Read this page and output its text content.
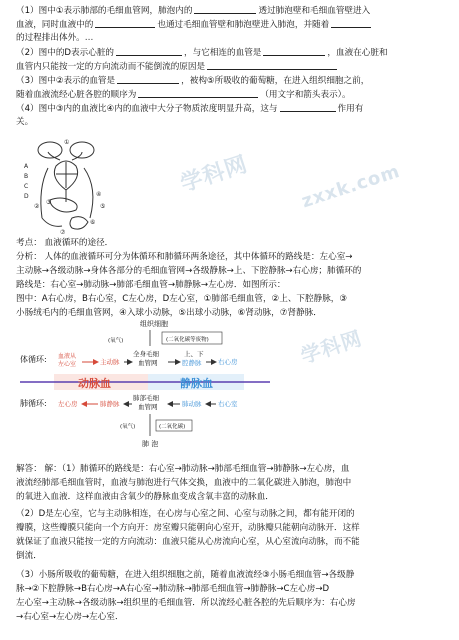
（1）图中①表示肺部的毛细血管网，肺泡内的	透过肺泡壁和毛细血管壁进入
血液，同时血液中的	也通过毛细血管壁和肺泡壁进入肺泡，并随着
的过程排出体外。…
（2）图中的D表示心脏的	，与它相连的血管是	，血液在心脏和
血管内只能按一定的方向流动而不能倒流的原因是
（3）图中②表示的血管是	，被构⑤所吸收的葡萄糖，在进入组织细胞之前，
随着血液流经心脏各腔的顺序为	（用文字和箭头表示）。
（4）图中③内的血液比④内的血液中大分子物质浓度明显升高，这与	作用有
关。
A
B
C
D
①
②
③
④
⑤
⑥
⑦
学科网	zxxk.com
学科网
考点： 血液循环的途径．
分析： 人体的血液循环可分为体循环和肺循环两条途径，其中体循环的路线是：左心室→
主动脉→各级动脉→身体各部分的毛细血管网→各级静脉→上、下腔静脉→右心房；肺循环的
路线是：右心室→肺动脉→肺部毛细血管→肺静脉→左心房．如图所示：
图中：A右心房，B右心室，C左心房，D左心室，①肺部毛细血管，②上、下腔静脉，③
小肠绒毛内的毛细血管网，④入球小动脉，⑤出球小动脉，⑥肾动脉，⑦肾静脉．
组织细胞
(氧气)	(二氧化碳等废物)
体循环: 血液从
左心室	主动脉
全身毛细
血管网
上、下
腔静脉	右心房
动脉血	静脉血
肺循环: 左心房	肺静脉
肺部毛细
血管网	肺动脉	右心室
(氧气)	(二氧化碳)
肺 泡
解答： 解：（1）肺循环的路线是：右心室→肺动脉→肺部毛细血管→肺静脉→左心房，血
液流经肺部毛细血管时，血液与肺泡进行气体交换，血液中的二氧化碳进入肺泡，肺泡中
的氧进入血液．这样血液由含氧少的静脉血变成含氧丰富的动脉血．
（2）D是左心室，它与主动脉相连，在心房与心室之间、心室与动脉之间，都有能开闭的
瓣膜，这些瓣膜只能向一个方向开：房室瓣只能朝向心室开，动脉瓣只能朝向动脉开．这样
就保证了血液只能按一定的方向流动：血液只能从心房流向心室，从心室流向动脉，而不能
倒流．
（3）小肠所吸收的葡萄糖，在进入组织细胞之前，随着血液流经③小肠毛细血管→各级静
脉→②下腔静脉→B右心房→A右心室→肺动脉→肺部毛细血管→肺静脉→C左心房→D
左心室→主动脉→各级动脉→组织里的毛细血管．所以流经心脏各腔的先后顺序为：右心房
→右心室→左心房→左心室．
